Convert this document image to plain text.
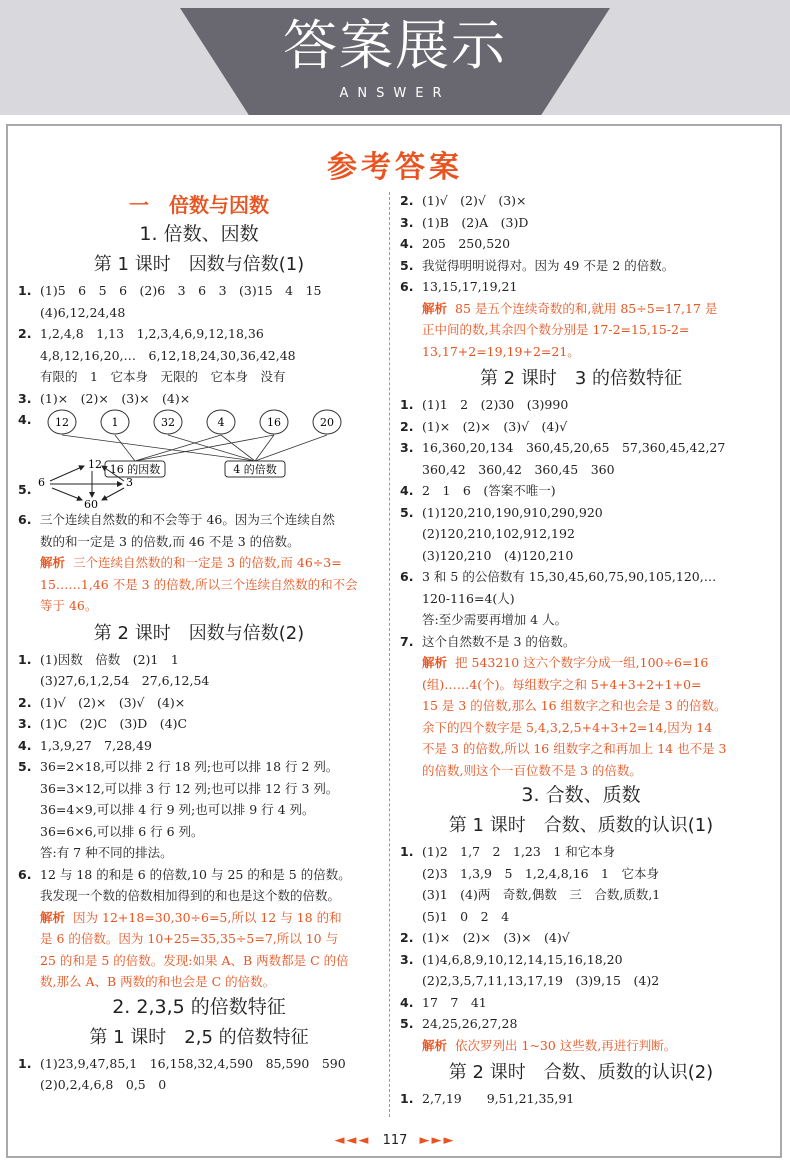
答案展示
ANSWER
参考答案
一　倍数与因数
1. 倍数、因数
第 1 课时　因数与倍数(1)
1. (1)5　6　5　6　(2)6　3　6　3　(3)15　4　15
(4)6,12,24,48
2. 1,2,4,8　1,13　1,2,3,4,6,9,12,18,36
4,8,12,16,20,…　6,12,18,24,30,36,42,48
有限的　1　它本身　无限的　它本身　没有
3. (1)×　(2)×　(3)×　(4)×
4. 12	1	32	4	16	20
16 的因数	4 的倍数
5.
12
6	3
60
6. 三个连续自然数的和不会等于 46。因为三个连续自然
数的和一定是 3 的倍数,而 46 不是 3 的倍数。
解析 三个连续自然数的和一定是 3 的倍数,而 46÷3=
15……1,46 不是 3 的倍数,所以三个连续自然数的和不会
等于 46。
第 2 课时　因数与倍数(2)
1. (1)因数　倍数　(2)1　1
(3)27,6,1,2,54　27,6,12,54
2. (1)√　(2)×　(3)√　(4)×
3. (1)C　(2)C　(3)D　(4)C
4. 1,3,9,27　7,28,49
5. 36=2×18,可以排 2 行 18 列;也可以排 18 行 2 列。
36=3×12,可以排 3 行 12 列;也可以排 12 行 3 列。
36=4×9,可以排 4 行 9 列;也可以排 9 行 4 列。
36=6×6,可以排 6 行 6 列。
答:有 7 种不同的排法。
6. 12 与 18 的和是 6 的倍数,10 与 25 的和是 5 的倍数。
我发现一个数的倍数相加得到的和也是这个数的倍数。
解析 因为 12+18=30,30÷6=5,所以 12 与 18 的和
是 6 的倍数。因为 10+25=35,35÷5=7,所以 10 与
25 的和是 5 的倍数。发现:如果 A、B 两数都是 C 的倍
数,那么 A、B 两数的和也会是 C 的倍数。
2. 2,3,5 的倍数特征
第 1 课时　2,5 的倍数特征
1. (1)23,9,47,85,1　16,158,32,4,590　85,590　590
(2)0,2,4,6,8　0,5　0
2. (1)√　(2)√　(3)×
3. (1)B　(2)A　(3)D
4. 205　250,520
5. 我觉得明明说得对。因为 49 不是 2 的倍数。
6. 13,15,17,19,21
解析 85 是五个连续奇数的和,就用 85÷5=17,17 是
正中间的数,其余四个数分别是 17-2=15,15-2=
13,17+2=19,19+2=21。
第 2 课时　3 的倍数特征
1. (1)1　2　(2)30　(3)990
2. (1)×　(2)×　(3)√　(4)√
3. 16,360,20,134　360,45,20,65　57,360,45,42,27
360,42　360,42　360,45　360
4. 2　1　6　(答案不唯一)
5. (1)120,210,190,910,290,920
(2)120,210,102,912,192
(3)120,210　(4)120,210
6. 3 和 5 的公倍数有 15,30,45,60,75,90,105,120,…
120-116=4(人)
答:至少需要再增加 4 人。
7. 这个自然数不是 3 的倍数。
解析 把 543210 这六个数字分成一组,100÷6=16
(组)……4(个)。每组数字之和 5+4+3+2+1+0=
15 是 3 的倍数,那么 16 组数字之和也会是 3 的倍数。
余下的四个数字是 5,4,3,2,5+4+3+2=14,因为 14
不是 3 的倍数,所以 16 组数字之和再加上 14 也不是 3
的倍数,则这个一百位数不是 3 的倍数。
3. 合数、质数
第 1 课时　合数、质数的认识(1)
1. (1)2　1,7　2　1,23　1 和它本身
(2)3　1,3,9　5　1,2,4,8,16　1　它本身
(3)1　(4)两　奇数,偶数　三　合数,质数,1
(5)1　0　2　4
2. (1)×　(2)×　(3)×　(4)√
3. (1)4,6,8,9,10,12,14,15,16,18,20
(2)2,3,5,7,11,13,17,19　(3)9,15　(4)2
4. 17　7　41
5. 24,25,26,27,28
解析 依次罗列出 1~30 这些数,再进行判断。
第 2 课时　合数、质数的认识(2)
1. 2,7,19　　9,51,21,35,91
◄◄◄ 117 ►►►
